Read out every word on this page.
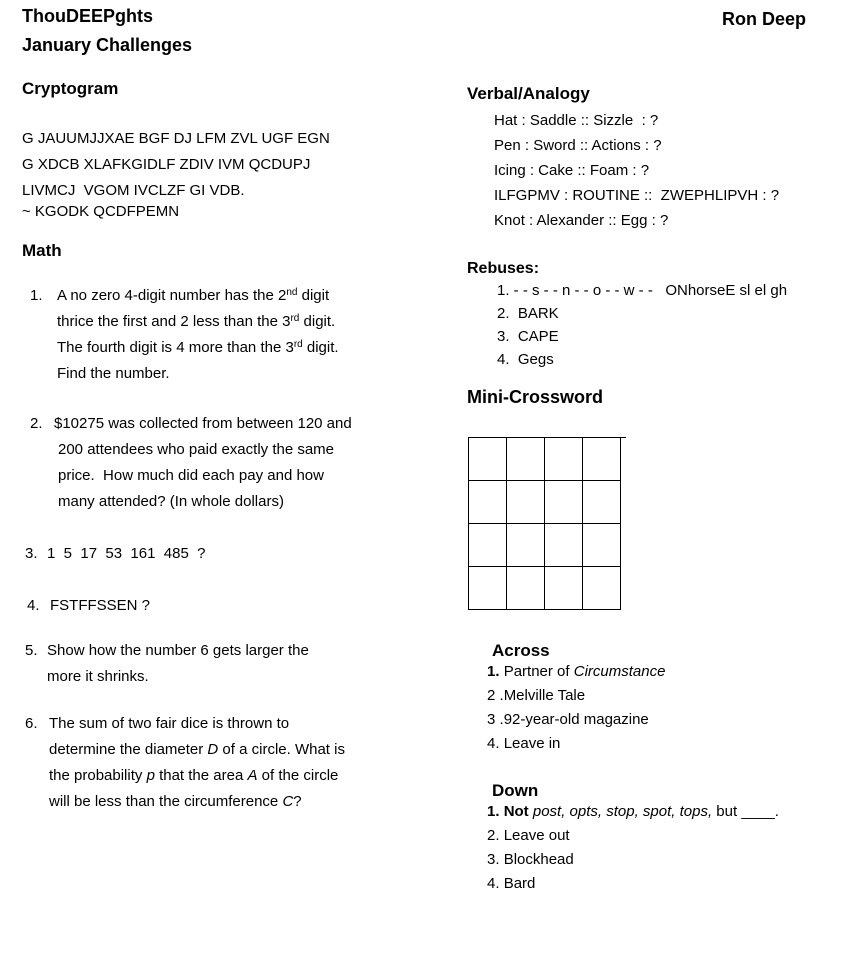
ThouDEEPghts
January Challenges
Ron Deep
Cryptogram
G JAUUMJJXAE BGF DJ LFM ZVL UGF EGN
G XDCB XLAFKGIDLF ZDIV IVM QCDUPJ
LIVMCJ  VGOM IVCLZF GI VDB.
~ KGODK QCDFPEMN
Math
1. A no zero 4-digit number has the 2nd digit
thrice the first and 2 less than the 3rd digit.
The fourth digit is 4 more than the 3rd digit.
Find the number.
2. $10275 was collected from between 120 and
200 attendees who paid exactly the same
price.  How much did each pay and how
many attended? (In whole dollars)
3. 1  5  17  53  161  485  ?
4. FSTFFSSEN ?
5. Show how the number 6 gets larger the
more it shrinks.
6. The sum of two fair dice is thrown to
determine the diameter D of a circle. What is
the probability p that the area A of the circle
will be less than the circumference C?
Verbal/Analogy
Hat : Saddle :: Sizzle  : ?
Pen : Sword :: Actions : ?
Icing : Cake :: Foam : ?
ILFGPMV : ROUTINE ::  ZWEPHLIPVH : ?
Knot : Alexander :: Egg : ?
Rebuses:
1. - - s - - n - - o - - w - -   ONhorseE sl el gh
2.  BARK
3.  CAPE
4.  Gegs
Mini-Crossword
Across
1. Partner of Circumstance
2 .Melville Tale
3 .92-year-old magazine
4. Leave in
Down
1. Not post, opts, stop, spot, tops, but ____.
2. Leave out
3. Blockhead
4. Bard
